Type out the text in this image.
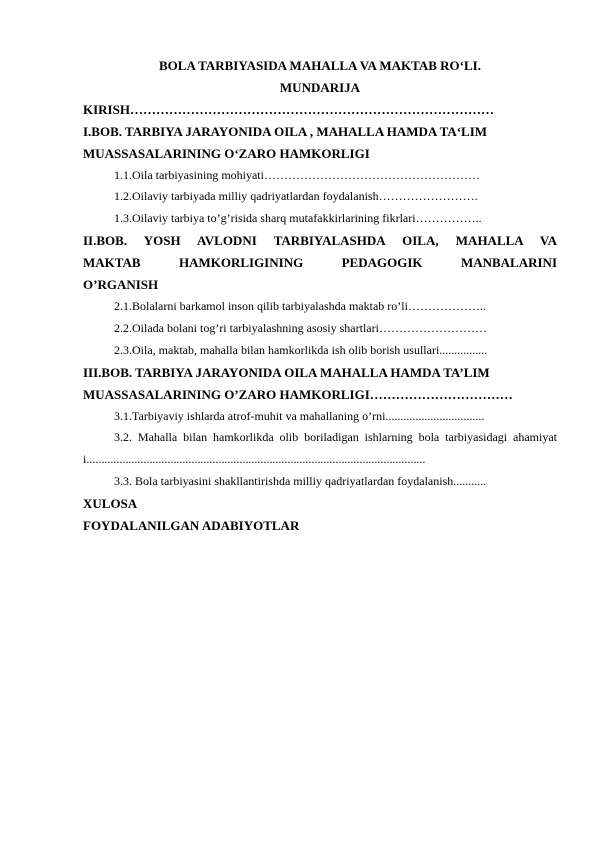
BOLA TARBIYASIDA MAHALLA VA MAKTAB RO‘LI.
MUNDARIJA
KIRISH…………………………………………………………………………
I.BOB. TARBIYA JARAYONIDA OILA , MAHALLA HAMDA TA‘LIM
MUASSASALARINING O‘ZARO HAMKORLIGI
1.1.Oila tarbiyasining mohiyati………………………………………………
1.2.Oilaviy tarbiyada milliy qadriyatlardan foydalanish…………………….
1.3.Oilaviy tarbiya to’g’risida sharq mutafakkirlarining fikrlari……………..
II.BOB. YOSH AVLODNI TARBIYALASHDA OILA, MAHALLA VA
MAKTAB HAMKORLIGINING PEDAGOGIK MANBALARINI
O’RGANISH
2.1.Bolalarni barkamol inson qilib tarbiyalashda maktab ro’li………………..
2.2.Oilada bolani tog’ri tarbiyalashning asosiy shartlari………………………
2.3.Oila, maktab, mahalla bilan hamkorlikda ish olib borish usullari................
III.BOB. TARBIYA JARAYONIDA OILA MAHALLA HAMDA TA’LIM
MUASSASALARINING O’ZARO HAMKORLIGI……………………………
3.1.Tarbiyaviy ishlarda atrof-muhit va mahallaning o’rni.................................
3.2. Mahalla bilan hamkorlikda olib boriladigan ishlarning bola tarbiyasidagi ahamiyati.................................................................................................................
3.3. Bola tarbiyasini shakllantirishda milliy qadriyatlardan foydalanish...........
XULOSA
FOYDALANILGAN ADABIYOTLAR
